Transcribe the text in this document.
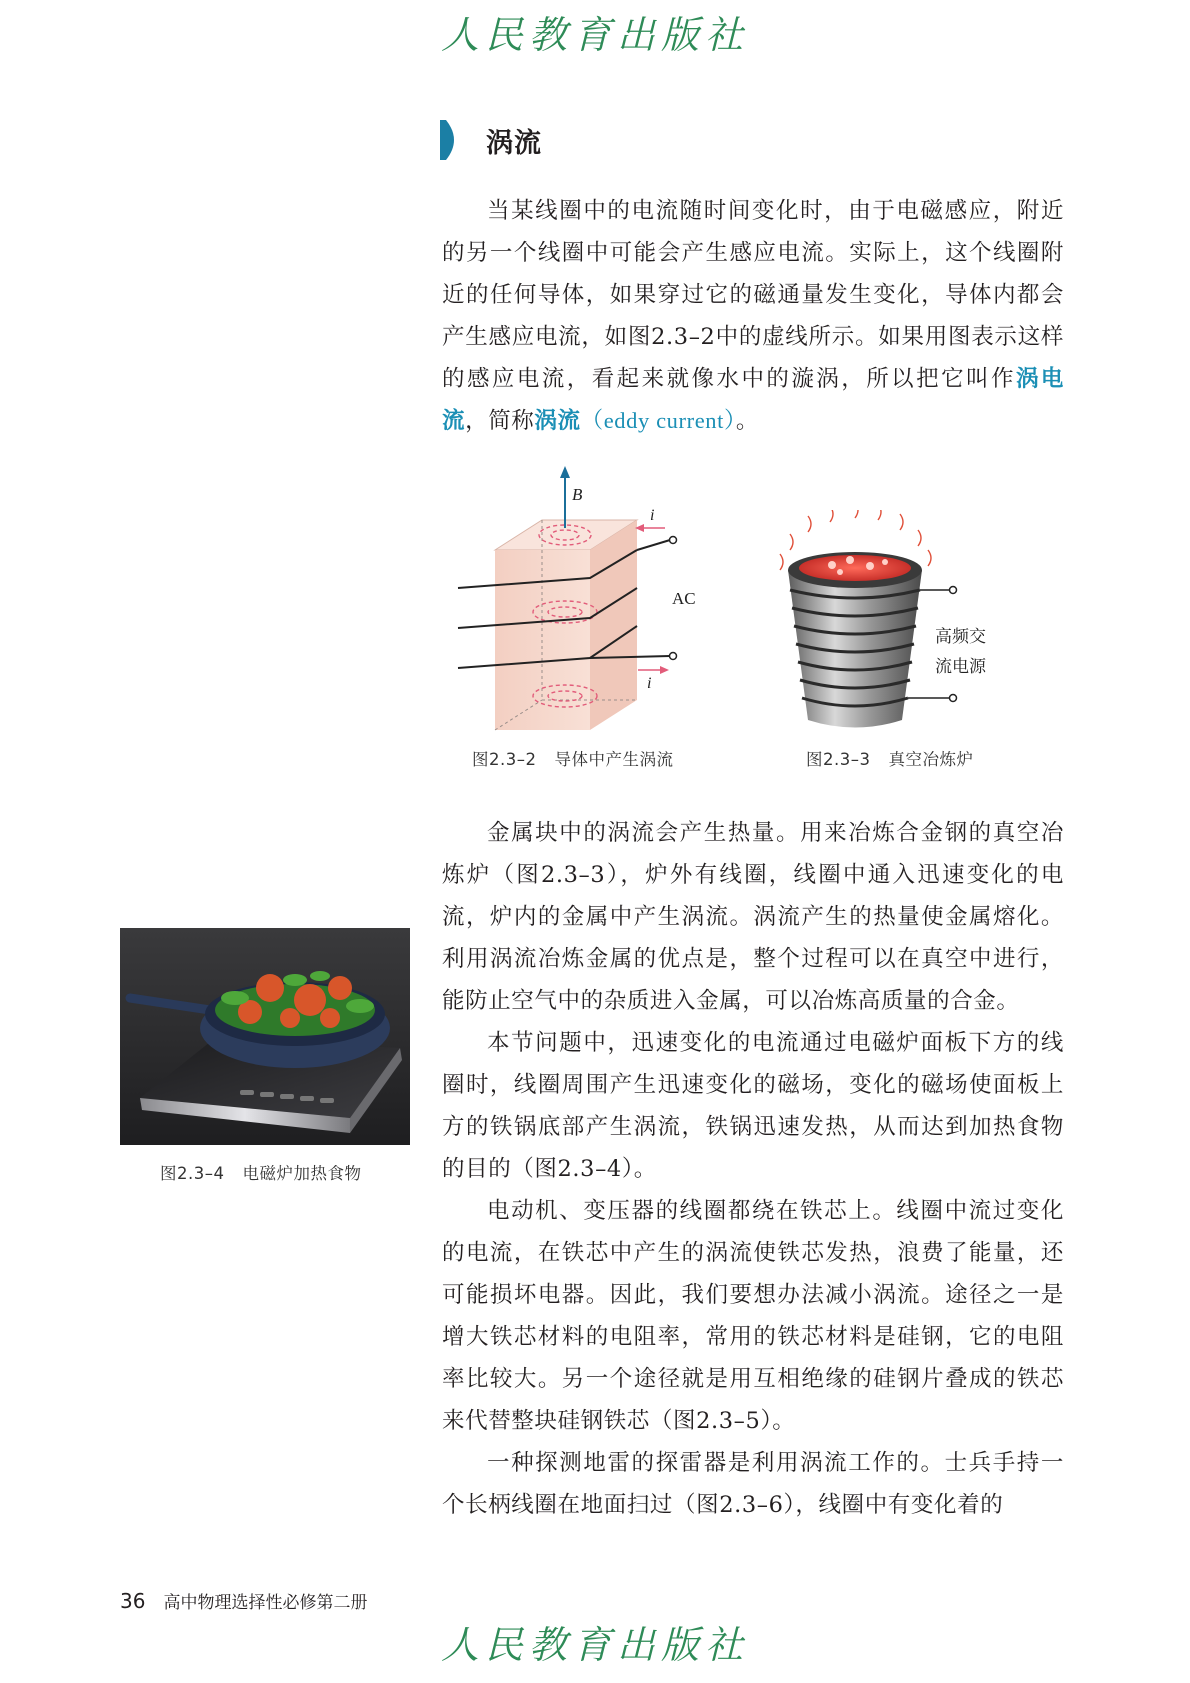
人民教育出版社
涡流

当某线圈中的电流随时间变化时，由于电磁感应，附近的另一个线圈中可能会产生感应电流。实际上，这个线圈附近的任何导体，如果穿过它的磁通量发生变化，导体内都会产生感应电流，如图2.3–2中的虚线所示。如果用图表示这样的感应电流，看起来就像水中的漩涡，所以把它叫作涡电流，简称涡流（eddy current）。

B
i
i
AC
图2.3–2 导体中产生涡流
高频交
流电源
图2.3–3 真空冶炼炉

金属块中的涡流会产生热量。用来冶炼合金钢的真空冶炼炉（图2.3–3），炉外有线圈，线圈中通入迅速变化的电流，炉内的金属中产生涡流。涡流产生的热量使金属熔化。利用涡流冶炼金属的优点是，整个过程可以在真空中进行，能防止空气中的杂质进入金属，可以冶炼高质量的合金。

本节问题中，迅速变化的电流通过电磁炉面板下方的线圈时，线圈周围产生迅速变化的磁场，变化的磁场使面板上方的铁锅底部产生涡流，铁锅迅速发热，从而达到加热食物的目的（图2.3–4）。

电动机、变压器的线圈都绕在铁芯上。线圈中流过变化的电流，在铁芯中产生的涡流使铁芯发热，浪费了能量，还可能损坏电器。因此，我们要想办法减小涡流。途径之一是增大铁芯材料的电阻率，常用的铁芯材料是硅钢，它的电阻率比较大。另一个途径就是用互相绝缘的硅钢片叠成的铁芯来代替整块硅钢铁芯（图2.3–5）。

一种探测地雷的探雷器是利用涡流工作的。士兵手持一个长柄线圈在地面扫过（图2.3–6），线圈中有变化着的

图2.3–4 电磁炉加热食物
36 高中物理选择性必修第二册
人民教育出版社
